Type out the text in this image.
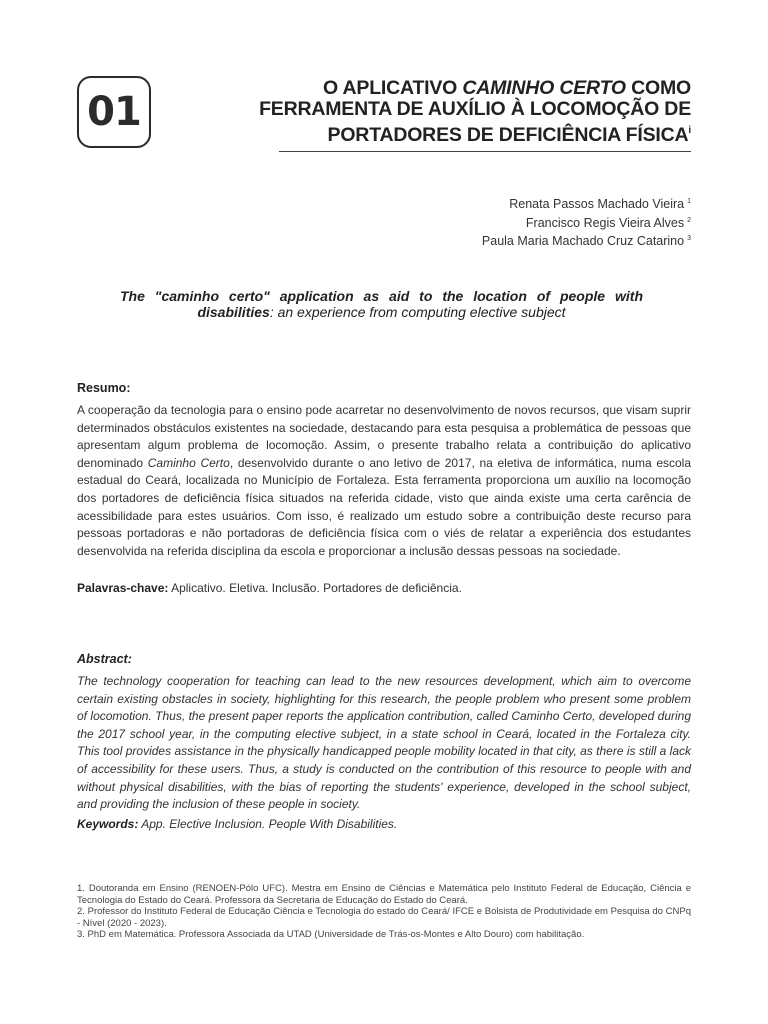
01
O APLICATIVO CAMINHO CERTO COMO
FERRAMENTA DE AUXÍLIO À LOCOMOÇÃO DE
PORTADORES DE DEFICIÊNCIA FÍSICA$^i$
Renata Passos Machado Vieira $^1$
Francisco Regis Vieira Alves $^2$
Paula Maria Machado Cruz Catarino $^3$
The "caminho certo" application as aid to the location of people with
disabilities: an experience from computing elective subject
Resumo:
A cooperação da tecnologia para o ensino pode acarretar no desenvolvimento de novos recursos, que visam suprir determinados obstáculos existentes na sociedade, destacando para esta pesquisa a problemática de pessoas que apresentam algum problema de locomoção. Assim, o presente trabalho relata a contribuição do aplicativo denominado Caminho Certo, desenvolvido durante o ano letivo de 2017, na eletiva de informática, numa escola estadual do Ceará, localizada no Município de Fortaleza. Esta ferramenta proporciona um auxílio na locomoção dos portadores de deficiência física situados na referida cidade, visto que ainda existe uma certa carência de acessibilidade para estes usuários. Com isso, é realizado um estudo sobre a contribuição deste recurso para pessoas portadoras e não portadoras de deficiência física com o viés de relatar a experiência dos estudantes desenvolvida na referida disciplina da escola e proporcionar a inclusão dessas pessoas na sociedade.
Palavras-chave: Aplicativo. Eletiva. Inclusão. Portadores de deficiência.
Abstract:
The technology cooperation for teaching can lead to the new resources development, which aim to overcome certain existing obstacles in society, highlighting for this research, the people problem who present some problem of locomotion. Thus, the present paper reports the application contribution, called Caminho Certo, developed during the 2017 school year, in the computing elective subject, in a state school in Ceará, located in the Fortaleza city. This tool provides assistance in the physically handicapped people mobility located in that city, as there is still a lack of accessibility for these users. Thus, a study is conducted on the contribution of this resource to people with and without physical disabilities, with the bias of reporting the students' experience, developed in the school subject, and providing the inclusion of these people in society.
Keywords: App. Elective Inclusion. People With Disabilities.

1. Doutoranda em Ensino (RENOEN-Pólo UFC). Mestra em Ensino de Ciências e Matemática pelo Instituto Federal de Educação, Ciência e Tecnologia do Estado do Ceará. Professora da Secretaria de Educação do Estado do Ceará.

2. Professor do Instituto Federal de Educação Ciência e Tecnologia do estado do Ceará/ IFCE e Bolsista de Produtividade em Pesquisa do CNPq - Nível (2020 - 2023).

3. PhD em Matemática. Professora Associada da UTAD (Universidade de Trás-os-Montes e Alto Douro) com habilitação.
